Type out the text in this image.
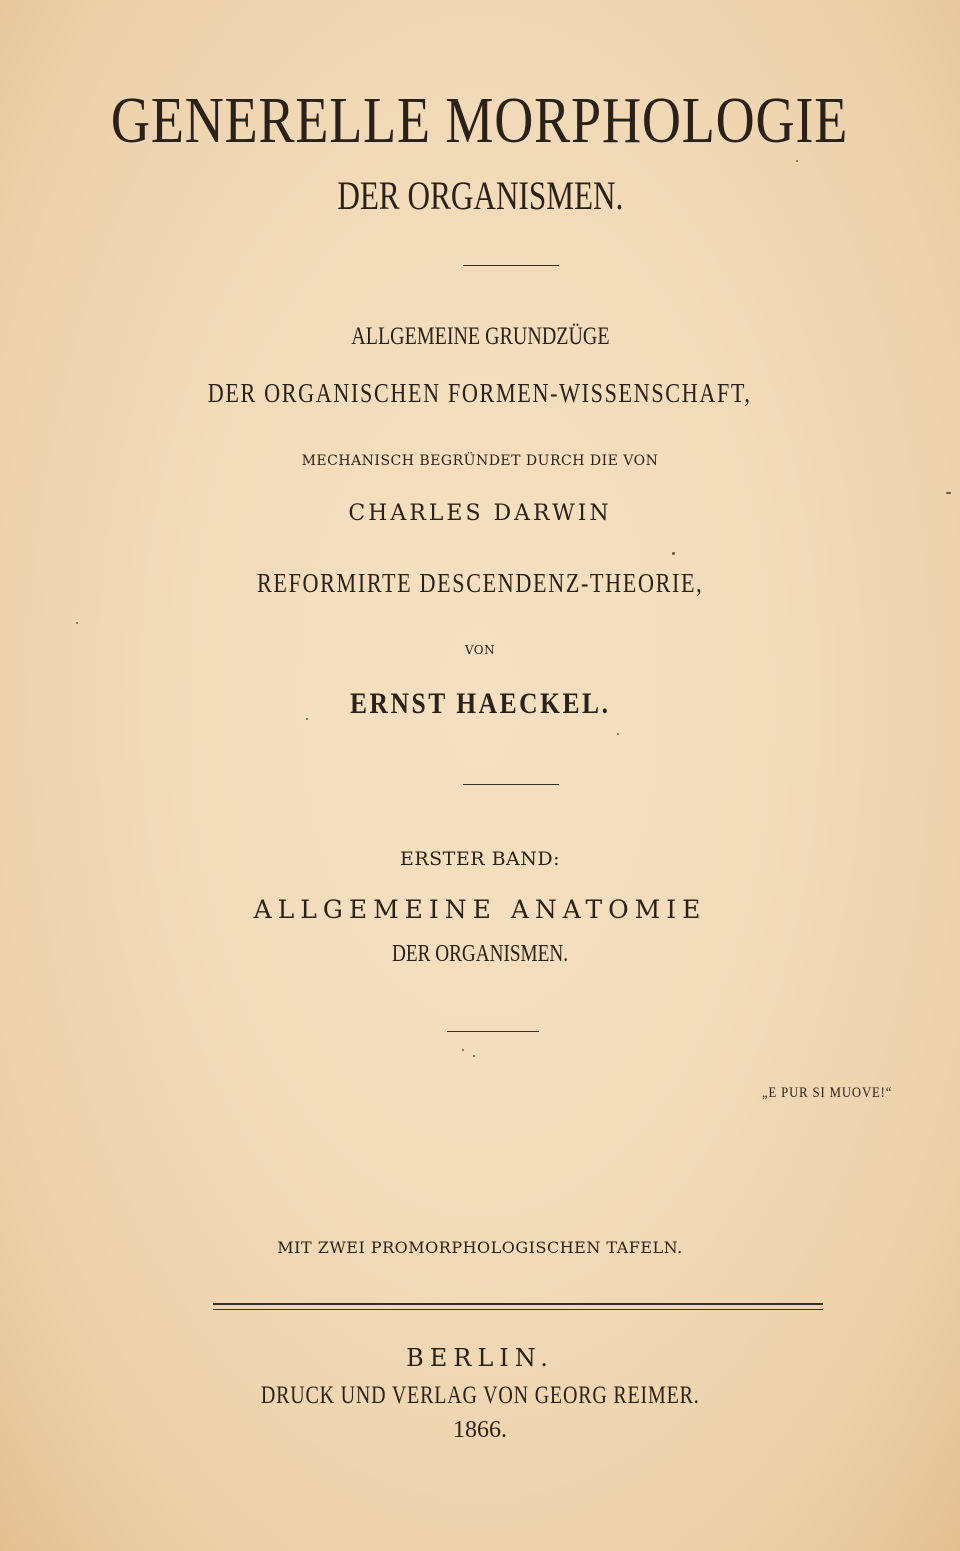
GENERELLE MORPHOLOGIE
DER ORGANISMEN.
ALLGEMEINE GRUNDZÜGE
DER ORGANISCHEN FORMEN-WISSENSCHAFT,
MECHANISCH BEGRÜNDET DURCH DIE VON
CHARLES DARWIN
REFORMIRTE DESCENDENZ-THEORIE,
VON
ERNST HAECKEL.
ERSTER BAND:
ALLGEMEINE ANATOMIE
DER ORGANISMEN.
„E PUR SI MUOVE!“
MIT ZWEI PROMORPHOLOGISCHEN TAFELN.
BERLIN.
DRUCK UND VERLAG VON GEORG REIMER.
1866.
